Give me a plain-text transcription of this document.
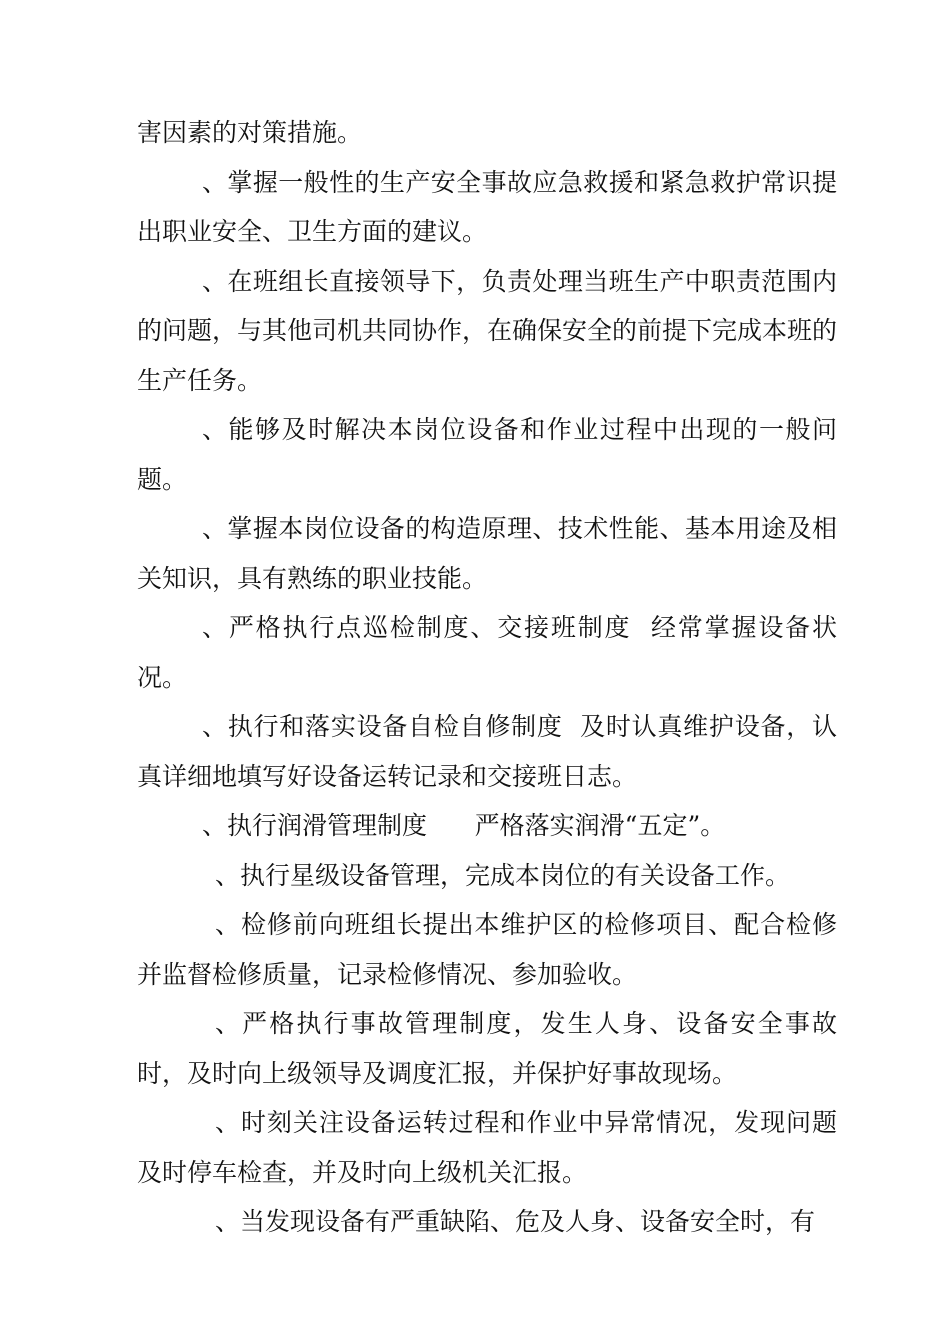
害因素的对策措施。

、掌握一般性的生产安全事故应急救援和紧急救护常识提出职业安全、卫生方面的建议。

、在班组长直接领导下，负责处理当班生产中职责范围内的问题，与其他司机共同协作，在确保安全的前提下完成本班的生产任务。

、能够及时解决本岗位设备和作业过程中出现的一般问题。

、掌握本岗位设备的构造原理、技术性能、基本用途及相关知识，具有熟练的职业技能。

、严格执行点巡检制度、交接班制度  经常掌握设备状况。

、执行和落实设备自检自修制度  及时认真维护设备，认真详细地填写好设备运转记录和交接班日志。

、执行润滑管理制度      严格落实润滑“五定”。

、执行星级设备管理，完成本岗位的有关设备工作。

、检修前向班组长提出本维护区的检修项目、配合检修并监督检修质量，记录检修情况、参加验收。

、严格执行事故管理制度，发生人身、设备安全事故时，及时向上级领导及调度汇报，并保护好事故现场。

、时刻关注设备运转过程和作业中异常情况，发现问题及时停车检查，并及时向上级机关汇报。

、当发现设备有严重缺陷、危及人身、设备安全时，有
